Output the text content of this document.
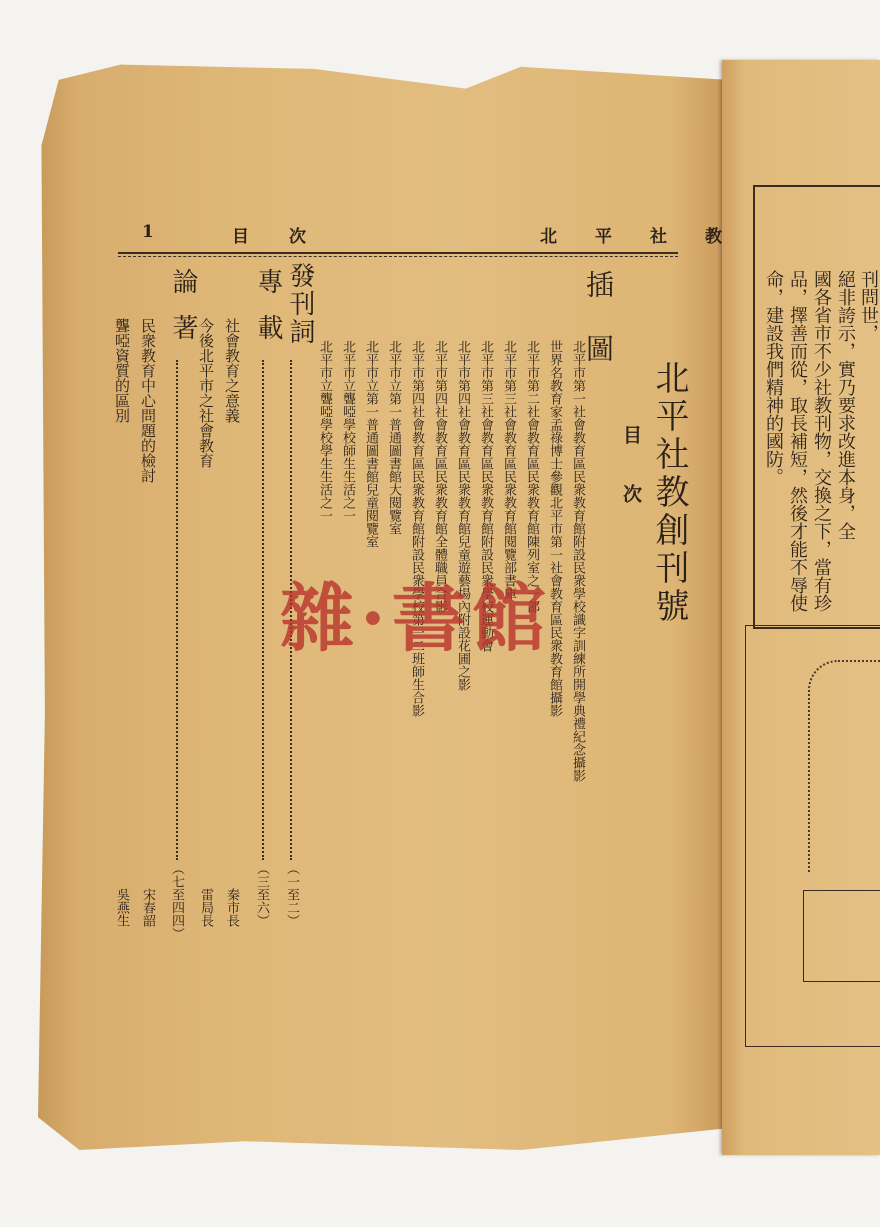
北平社教
目次
1
北平社教創刊號
目次
插圖
北平市第一社會教育區民衆教育館附設民衆學校識字訓練所開學典禮紀念攝影
世界名教育家孟祿博士參觀北平市第一社會教育區民衆教育館攝影
北平市第二社會教育區民衆教育館陳列室之一部
北平市第三社會教育區民衆教育館閱覽部書庫
北平市第三社會教育區民衆教育館附設民衆學校運動會
北平市第四社會教育區民衆教育館兒童遊藝場內附設花圃之影
北平市第四社會教育區民衆教育館全體職員合影
北平市第四社會教育區民衆教育館附設民衆學校第一二班師生合影
北平市立第一普通圖書館大閱覽室
北平市立第一普通圖書館兒童閱覽室
北平市立聾啞學校師生生活之一
北平市立聾啞學校學生生活之一
發刊詞
（一至二）
專載
（三至六）
社會教育之意義
秦市長
今後北平市之社會教育
雷局長
論著
（七至四四）
民衆教育中心問題的檢討
宋春韶
聾啞資質的區別
吳燕生
雜·書館
刊問世，
絕非誇示，實乃要求改進本身，全
國各省市不少社教刊物，交換之下，當有珍
品，擇善而從，取長補短，然後才能不辱使
命，建設我們精神的國防。
